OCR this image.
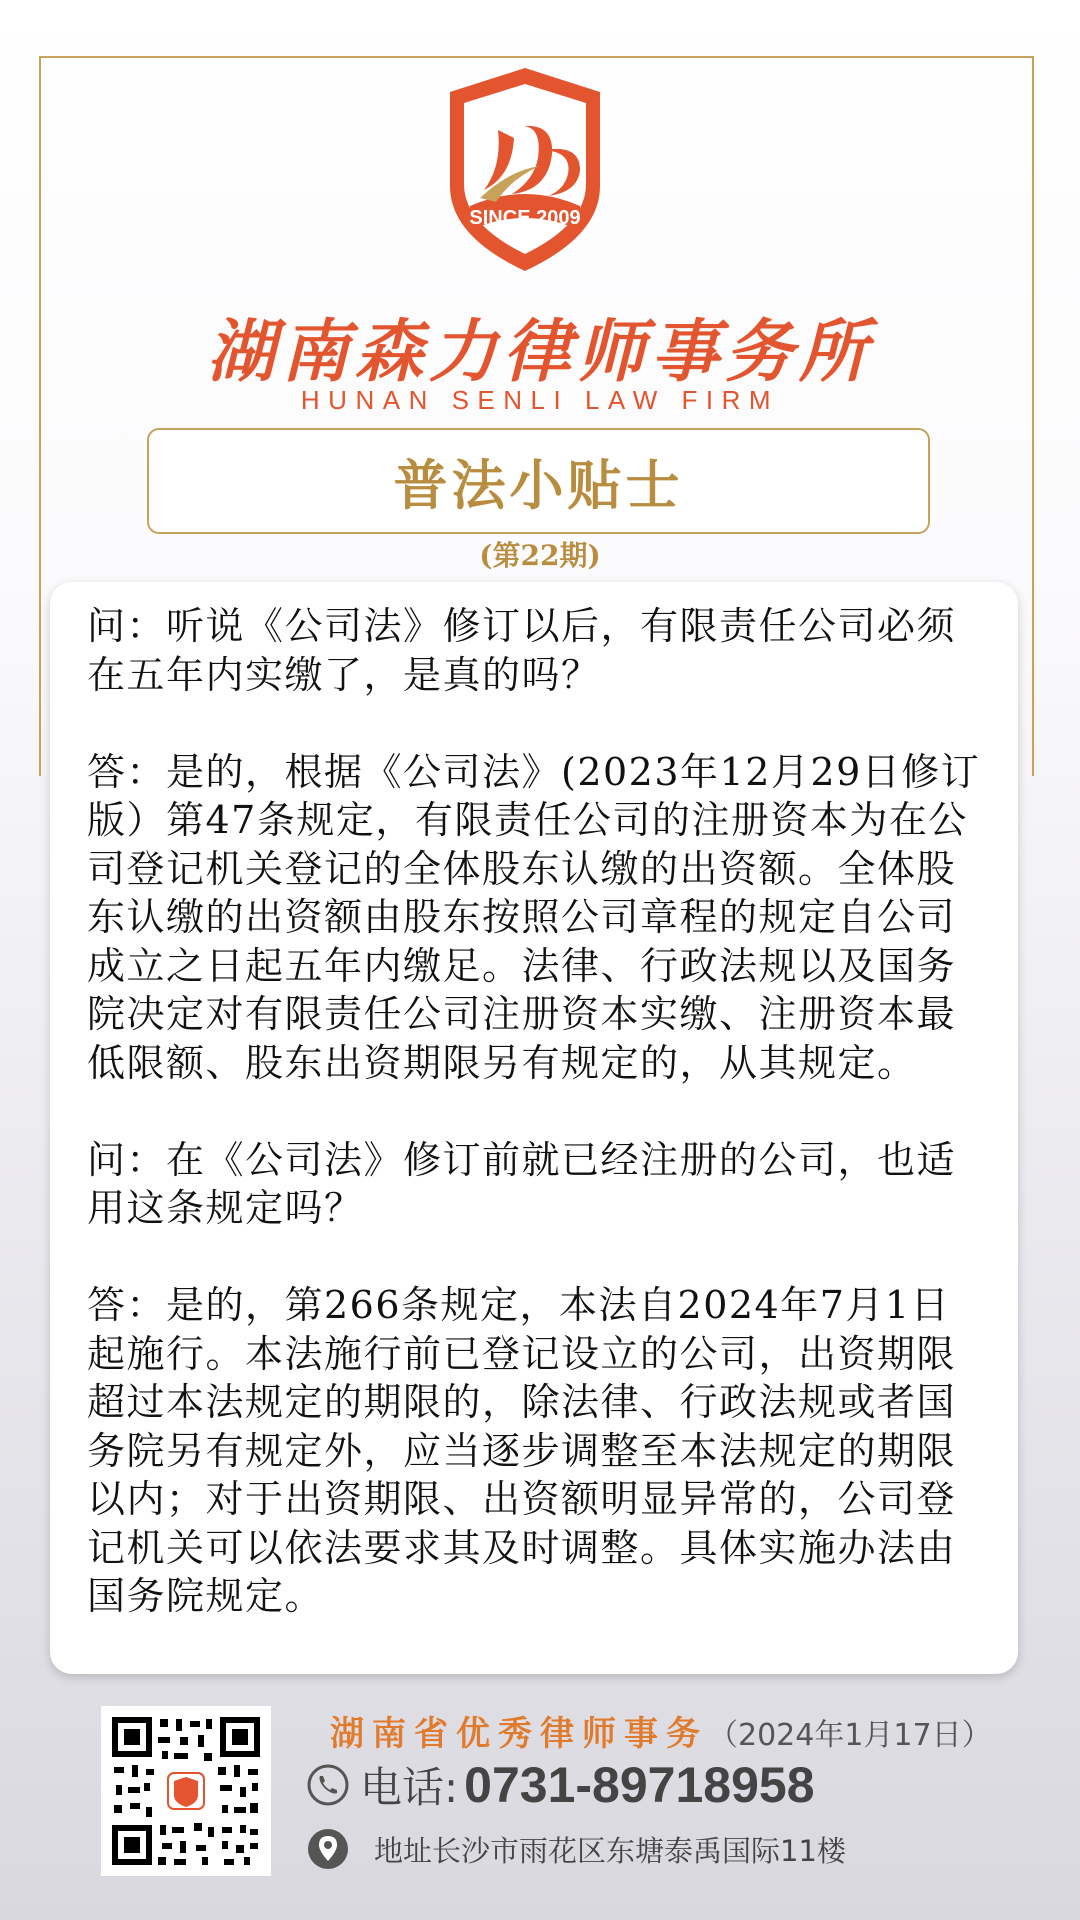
SINCE 2009
湖南森力律师事务所
HUNAN SENLI LAW FIRM
普法小贴士
(第22期)

问：听说《公司法》修订以后，有限责任公司必须在五年内实缴了，是真的吗？

答：是的，根据《公司法》(2023年12月29日修订版）第47条规定，有限责任公司的注册资本为在公司登记机关登记的全体股东认缴的出资额。全体股东认缴的出资额由股东按照公司章程的规定自公司成立之日起五年内缴足。法律、行政法规以及国务院决定对有限责任公司注册资本实缴、注册资本最低限额、股东出资期限另有规定的，从其规定。

问：在《公司法》修订前就已经注册的公司，也适用这条规定吗？

答：是的，第266条规定，本法自2024年7月1日起施行。本法施行前已登记设立的公司，出资期限超过本法规定的期限的，除法律、行政法规或者国务院另有规定外，应当逐步调整至本法规定的期限以内；对于出资期限、出资额明显异常的，公司登记机关可以依法要求其及时调整。具体实施办法由国务院规定。

湖南省优秀律师事务（2024年1月17日）
电话: 0731-89718958
地址长沙市雨花区东塘泰禹国际11楼
